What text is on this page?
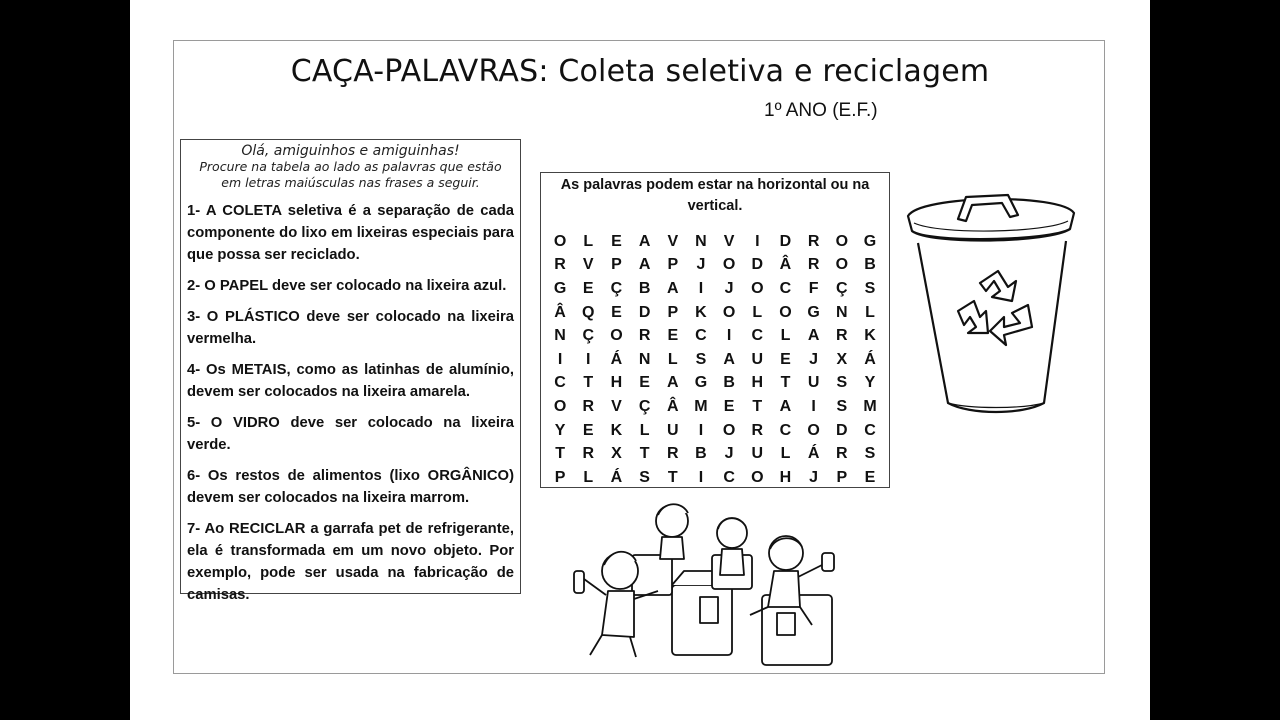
CAÇA-PALAVRAS: Coleta seletiva e reciclagem
1º ANO (E.F.)
Olá, amiguinhos e amiguinhas!
Procure na tabela ao lado as palavras que estão
em letras maiúsculas nas frases a seguir.
1- A COLETA seletiva é a separação de cada componente do lixo em lixeiras especiais para que possa ser reciclado.
2- O PAPEL deve ser colocado na lixeira azul.
3- O PLÁSTICO deve ser colocado na lixeira vermelha.
4- Os METAIS, como as latinhas de alumínio, devem ser colocados na lixeira amarela.
5- O VIDRO deve ser colocado na lixeira verde.
6- Os restos de alimentos (lixo ORGÂNICO) devem ser colocados na lixeira marrom.
7- Ao RECICLAR a garrafa pet de refrigerante, ela é transformada em um novo objeto. Por exemplo, pode ser usada na fabricação de camisas.
As palavras podem estar na horizontal ou na vertical.
O	L	E	A	V	N	V	I	D	R	O G
R	V	P	A	P	J	O	D	Â	R	O	B
G	E	Ç	B	A	I	J	O	C	F	Ç	S
Â	Q	E	D	P	K	O	L	O G	N	L
N	Ç	O	R	E	C	I	C	L	A	R	K
I	I	Á	N	L	S	A	U	E	J	X	Á
C	T	H	E	A	G	B	H	T	U	S	Y
O	R	V	Ç	Â M	E	T	A	I	S	M
Y	E	K	L	U	I	O	R	C	O	D	C
T	R	X	T	R	B	J	U	L	Á	R	S
P	L	Á	S	T	I	C	O	H	J	P	E
